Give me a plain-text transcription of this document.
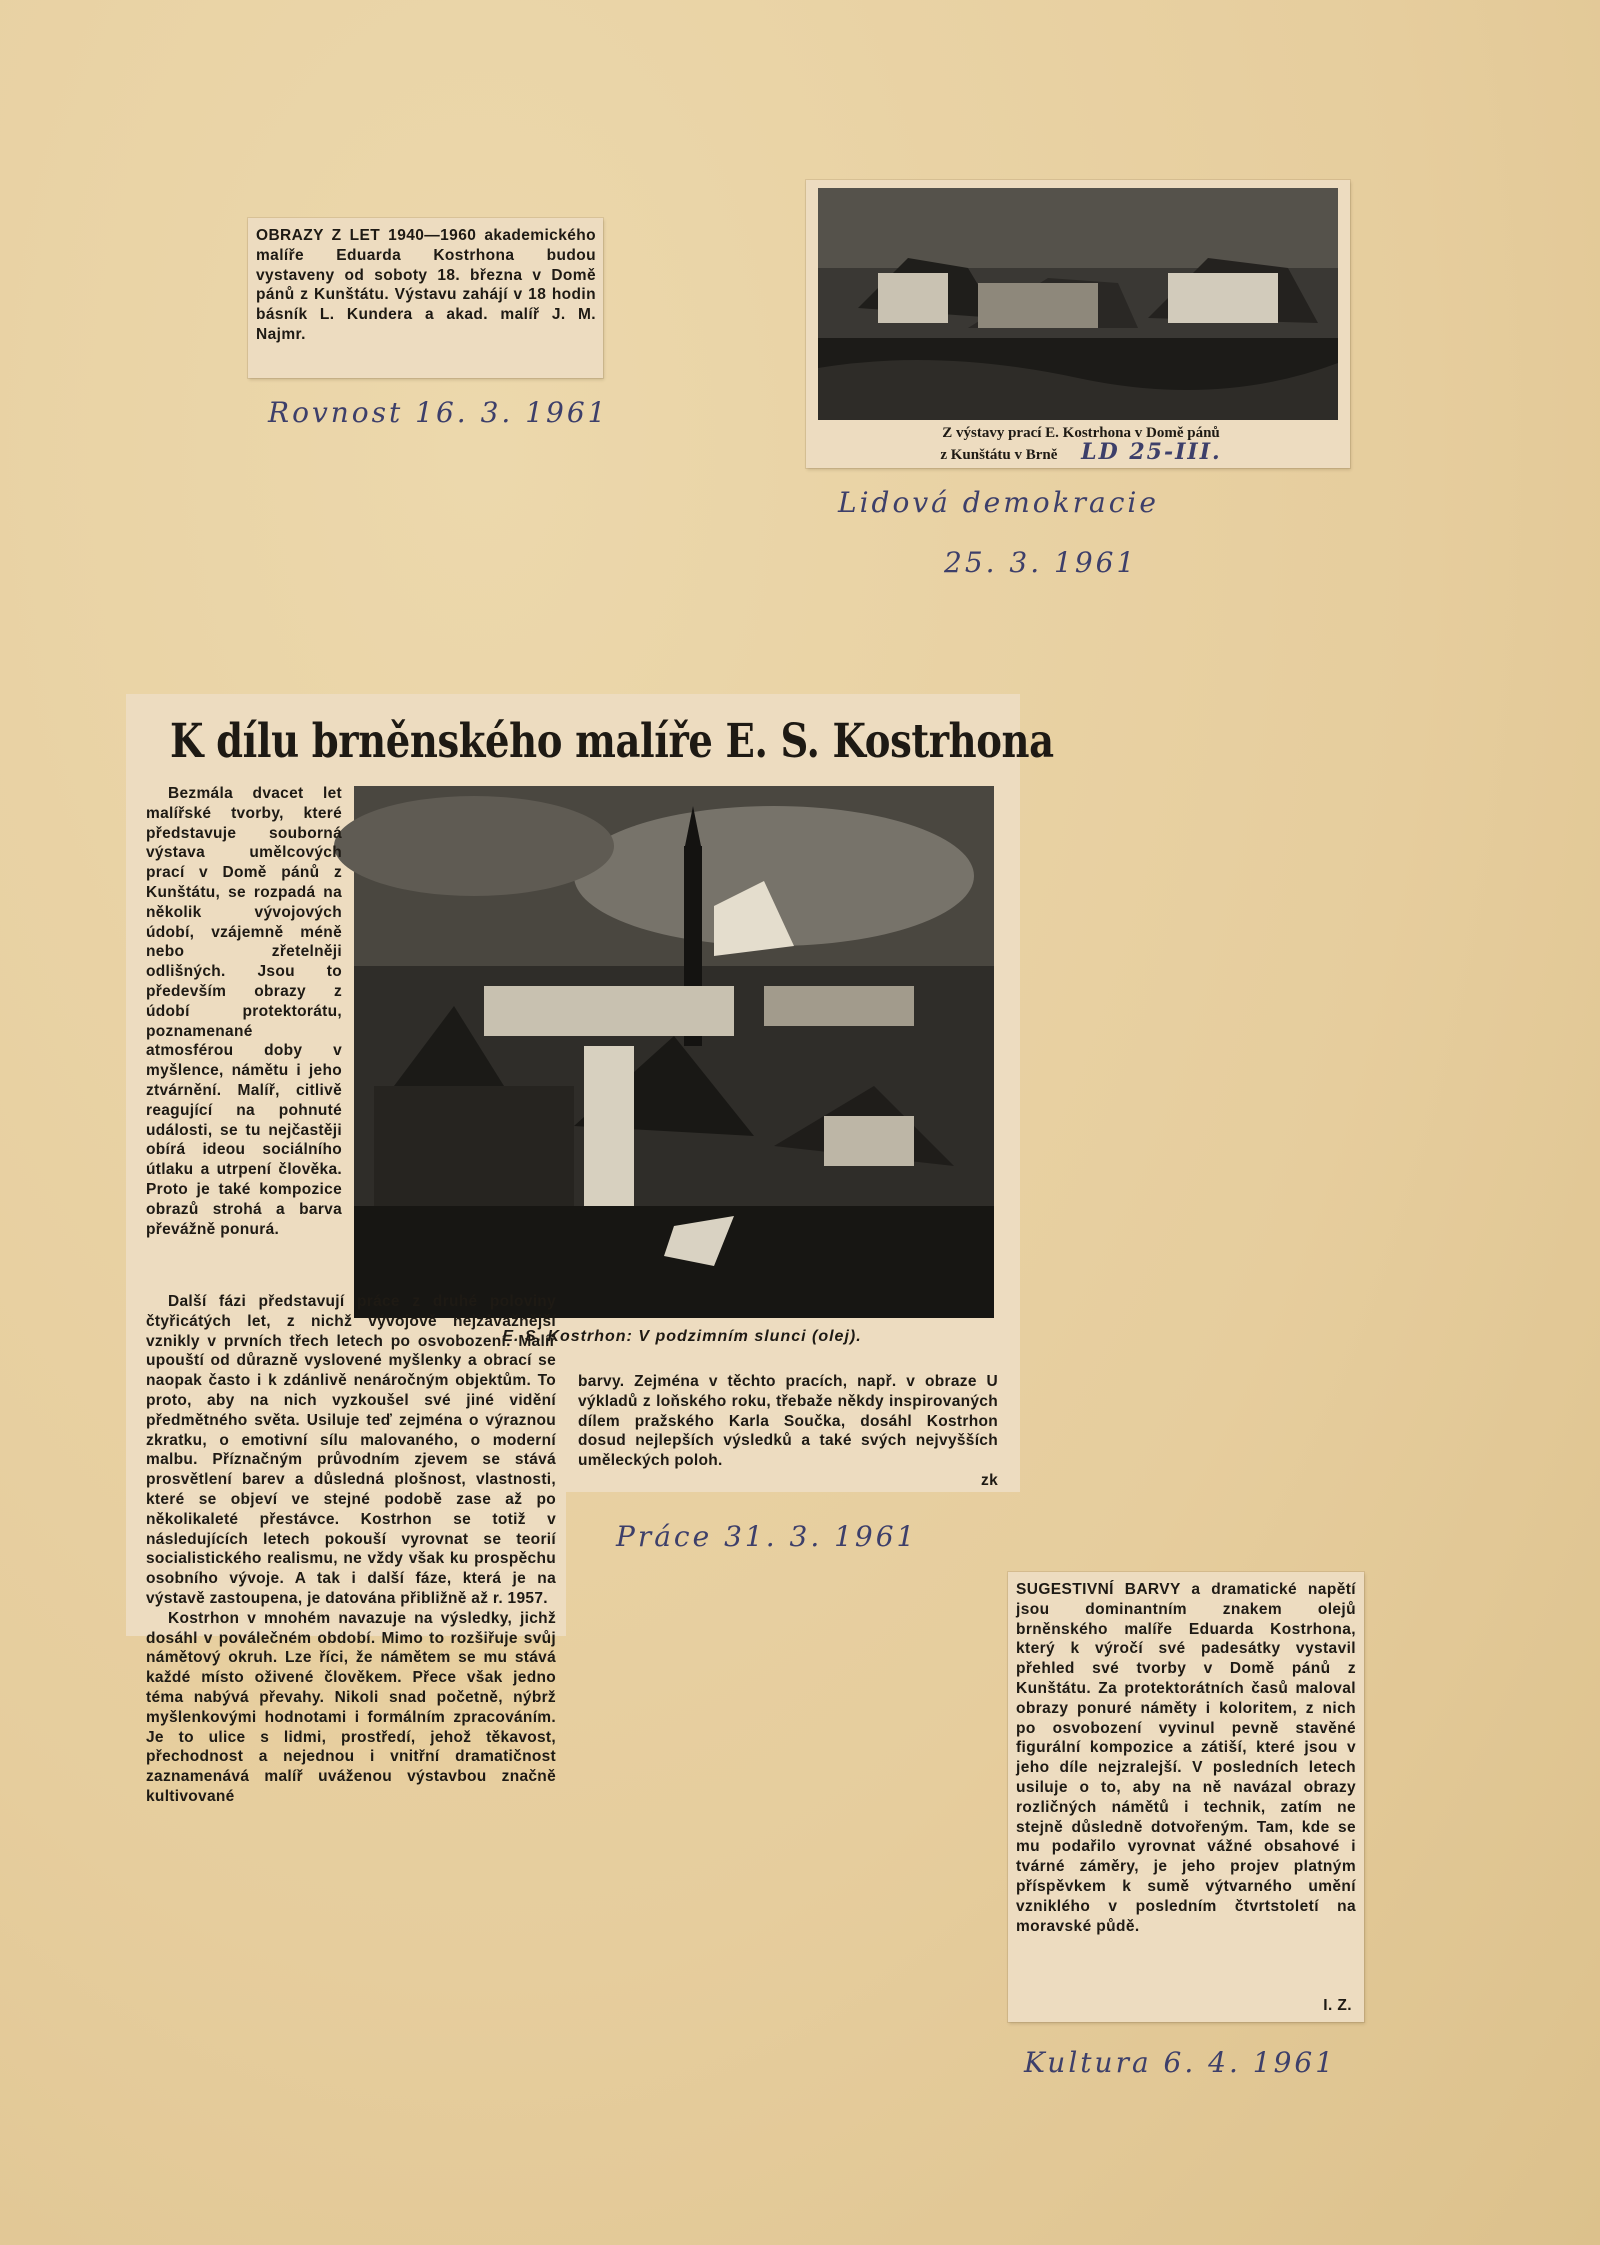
OBRAZY Z LET 1940—1960 akademického malíře Eduarda Kostrhona budou vystaveny od soboty 18. března v Domě pánů z Kunštátu. Výstavu zahájí v 18 hodin básník L. Kundera a akad. malíř J. M. Najmr.

Rovnost 16. 3. 1961
Z výstavy prací E. Kostrhona v Domě pánů
z Kunštátu v Brně LD 25-III.
Lidová demokracie
25. 3. 1961
K dílu brněnského malíře E. S. Kostrhona
E. S. Kostrhon: V podzimním slunci (olej).

Bezmála dvacet let malířské tvorby, které představuje souborná výstava umělcových prací v Domě pánů z Kunštátu, se rozpadá na několik vývojových údobí, vzájemně méně nebo zřetelněji odlišných. Jsou to především obrazy z údobí protektorátu, poznamenané atmosférou doby v myšlence, námětu i jeho ztvárnění. Malíř, citlivě reagující na pohnuté události, se tu nejčastěji obírá ideou sociálního útlaku a utrpení člověka. Proto je také kompozice obrazů strohá a barva převážně ponurá.

Další fázi představují práce z druhé poloviny čtyřicátých let, z nichž vývojově nejzávažnější vznikly v prvních třech letech po osvobození. Malíř upouští od důrazně vyslovené myšlenky a obrací se naopak často i k zdánlivě nenáročným objektům. To proto, aby na nich vyzkoušel své jiné vidění předmětného světa. Usiluje teď zejména o výraznou zkratku, o emotivní sílu malovaného, o moderní malbu. Příznačným průvodním zjevem se stává prosvětlení barev a důsledná plošnost, vlastnosti, které se objeví ve stejné podobě zase až po několikaleté přestávce. Kostrhon se totiž v následujících letech pokouší vyrovnat se teorií socialistického realismu, ne vždy však ku prospěchu osobního vývoje. A tak i další fáze, která je na výstavě zastoupena, je datována přibližně až r. 1957.

Kostrhon v mnohém navazuje na výsledky, jichž dosáhl v poválečném období. Mimo to rozšiřuje svůj námětový okruh. Lze říci, že námětem se mu stává každé místo oživené člověkem. Přece však jedno téma nabývá převahy. Nikoli snad početně, nýbrž myšlenkovými hodnotami i formálním zpracováním. Je to ulice s lidmi, prostředí, jehož těkavost, přechodnost a nejednou i vnitřní dramatičnost zaznamenává malíř uváženou výstavbou značně kultivované

barvy. Zejména v těchto pracích, např. v obraze U výkladů z loňského roku, třebaže někdy inspirovaných dílem pražského Karla Součka, dosáhl Kostrhon dosud nejlepších výsledků a také svých nejvyšších uměleckých poloh.

zk
Práce 31. 3. 1961

SUGESTIVNÍ BARVY a dramatické napětí jsou dominantním znakem olejů brněnského malíře Eduarda Kostrhona, který k výročí své padesátky vystavil přehled své tvorby v Domě pánů z Kunštátu. Za protektorátních časů maloval obrazy ponuré náměty i koloritem, z nich po osvobození vyvinul pevně stavěné figurální kompozice a zátiší, které jsou v jeho díle nejzralejší. V posledních letech usiluje o to, aby na ně navázal obrazy rozličných námětů i technik, zatím ne stejně důsledně dotvořeným. Tam, kde se mu podařilo vyrovnat vážné obsahové i tvárné záměry, je jeho projev platným příspěvkem k sumě výtvarného umění vzniklého v posledním čtvrtstoletí na moravské půdě.

I. Z.
Kultura 6. 4. 1961
